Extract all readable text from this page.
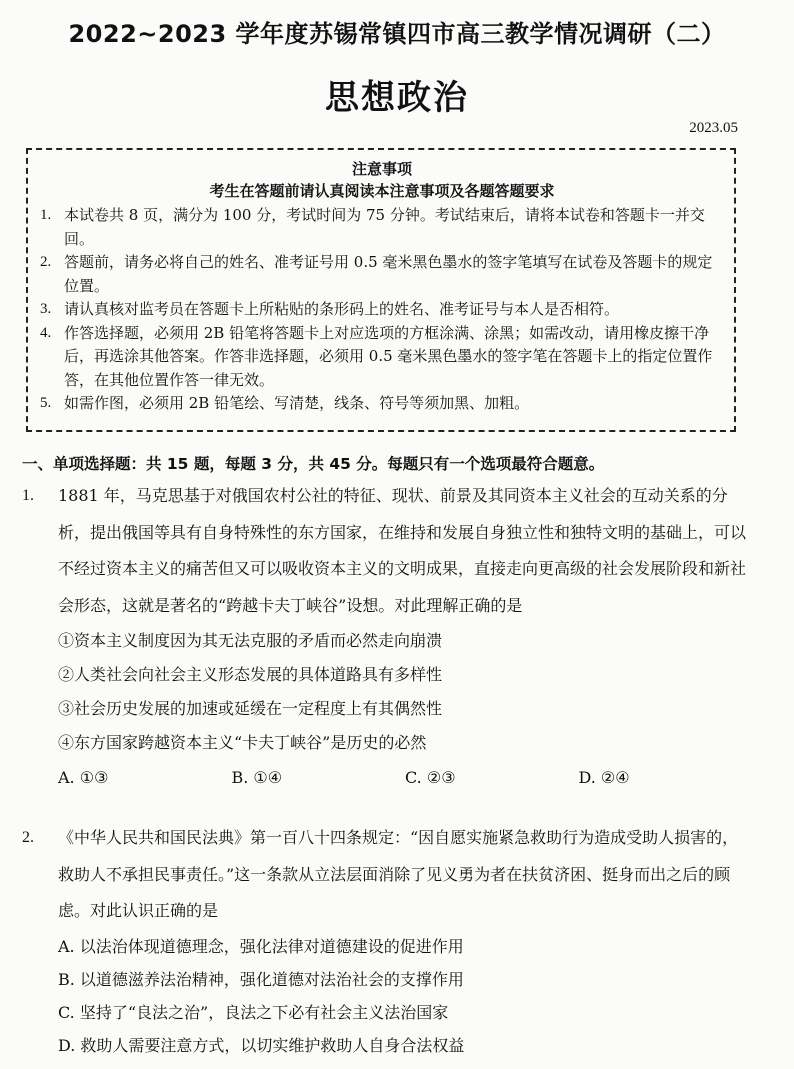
2022~2023 学年度苏锡常镇四市高三教学情况调研（二）
思想政治
2023.05
注意事项
考生在答题前请认真阅读本注意事项及各题答题要求
1. 本试卷共 8 页，满分为 100 分，考试时间为 75 分钟。考试结束后，请将本试卷和答题卡一并交回。
2. 答题前，请务必将自己的姓名、准考证号用 0.5 毫米黑色墨水的签字笔填写在试卷及答题卡的规定位置。
3. 请认真核对监考员在答题卡上所粘贴的条形码上的姓名、准考证号与本人是否相符。
4. 作答选择题，必须用 2B 铅笔将答题卡上对应选项的方框涂满、涂黑；如需改动，请用橡皮擦干净后，再选涂其他答案。作答非选择题，必须用 0.5 毫米黑色墨水的签字笔在答题卡上的指定位置作答，在其他位置作答一律无效。
5. 如需作图，必须用 2B 铅笔绘、写清楚，线条、符号等须加黑、加粗。
一、单项选择题：共 15 题，每题 3 分，共 45 分。每题只有一个选项最符合题意。
1.	1881 年，马克思基于对俄国农村公社的特征、现状、前景及其同资本主义社会的互动关系的分析，提出俄国等具有自身特殊性的东方国家，在维持和发展自身独立性和独特文明的基础上，可以不经过资本主义的痛苦但又可以吸收资本主义的文明成果，直接走向更高级的社会发展阶段和新社会形态，这就是著名的“跨越卡夫丁峡谷”设想。对此理解正确的是
①资本主义制度因为其无法克服的矛盾而必然走向崩溃
②人类社会向社会主义形态发展的具体道路具有多样性
③社会历史发展的加速或延缓在一定程度上有其偶然性
④东方国家跨越资本主义“卡夫丁峡谷”是历史的必然
A. ①③	B. ①④	C. ②③	D. ②④
2.	《中华人民共和国民法典》第一百八十四条规定：“因自愿实施紧急救助行为造成受助人损害的，救助人不承担民事责任。”这一条款从立法层面消除了见义勇为者在扶贫济困、挺身而出之后的顾虑。对此认识正确的是
A. 以法治体现道德理念，强化法律对道德建设的促进作用
B. 以道德滋养法治精神，强化道德对法治社会的支撑作用
C. 坚持了“良法之治”，良法之下必有社会主义法治国家
D. 救助人需要注意方式，以切实维护救助人自身合法权益
